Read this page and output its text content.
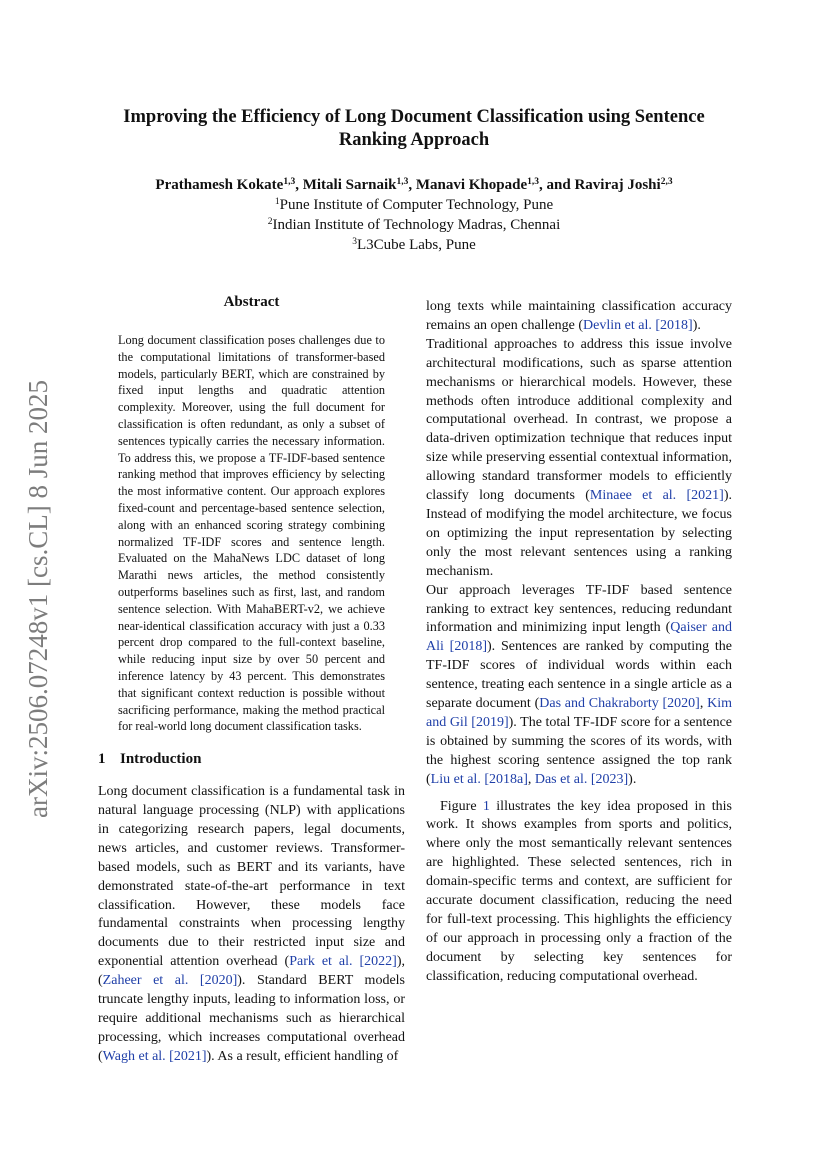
arXiv:2506.07248v1 [cs.CL] 8 Jun 2025
Improving the Efficiency of Long Document Classification using Sentence Ranking Approach
Prathamesh Kokate$^{1,3}$, Mitali Sarnaik$^{1,3}$, Manavi Khopade$^{1,3}$, and Raviraj Joshi$^{2,3}$
$^1$Pune Institute of Computer Technology, Pune
$^2$Indian Institute of Technology Madras, Chennai
$^3$L3Cube Labs, Pune
Abstract
Long document classification poses challenges due to the computational limitations of transformer-based models, particularly BERT, which are constrained by fixed input lengths and quadratic attention complexity. Moreover, using the full document for classification is often redundant, as only a subset of sentences typically carries the necessary information. To address this, we propose a TF-IDF-based sentence ranking method that improves efficiency by selecting the most informative content. Our approach explores fixed-count and percentage-based sentence selection, along with an enhanced scoring strategy combining normalized TF-IDF scores and sentence length. Evaluated on the MahaNews LDC dataset of long Marathi news articles, the method consistently outperforms baselines such as first, last, and random sentence selection. With MahaBERT-v2, we achieve near-identical classification accuracy with just a 0.33 percent drop compared to the full-context baseline, while reducing input size by over 50 percent and inference latency by 43 percent. This demonstrates that significant context reduction is possible without sacrificing performance, making the method practical for real-world long document classification tasks.
1 Introduction

Long document classification is a fundamental task in natural language processing (NLP) with applications in categorizing research papers, legal documents, news articles, and customer reviews. Transformer-based models, such as BERT and its variants, have demonstrated state-of-the-art performance in text classification. However, these models face fundamental constraints when processing lengthy documents due to their restricted input size and exponential attention overhead (Park et al. [2022]),(Zaheer et al. [2020]). Standard BERT models truncate lengthy inputs, leading to information loss, or require additional mechanisms such as hierarchical processing, which increases computational overhead (Wagh et al. [2021]). As a result, efficient handling of

long texts while maintaining classification accuracy remains an open challenge (Devlin et al. [2018]).

Traditional approaches to address this issue involve architectural modifications, such as sparse attention mechanisms or hierarchical models. However, these methods often introduce additional complexity and computational overhead. In contrast, we propose a data-driven optimization technique that reduces input size while preserving essential contextual information, allowing standard transformer models to efficiently classify long documents (Minaee et al. [2021]). Instead of modifying the model architecture, we focus on optimizing the input representation by selecting only the most relevant sentences using a ranking mechanism.

Our approach leverages TF-IDF based sentence ranking to extract key sentences, reducing redundant information and minimizing input length (Qaiser and Ali [2018]). Sentences are ranked by computing the TF-IDF scores of individual words within each sentence, treating each sentence in a single article as a separate document (Das and Chakraborty [2020], Kim and Gil [2019]). The total TF-IDF score for a sentence is obtained by summing the scores of its words, with the highest scoring sentence assigned the top rank (Liu et al. [2018a], Das et al. [2023]).

Figure 1 illustrates the key idea proposed in this work. It shows examples from sports and politics, where only the most semantically relevant sentences are highlighted. These selected sentences, rich in domain-specific terms and context, are sufficient for accurate document classification, reducing the need for full-text processing. This highlights the efficiency of our approach in processing only a fraction of the document by selecting key sentences for classification, reducing computational overhead.
